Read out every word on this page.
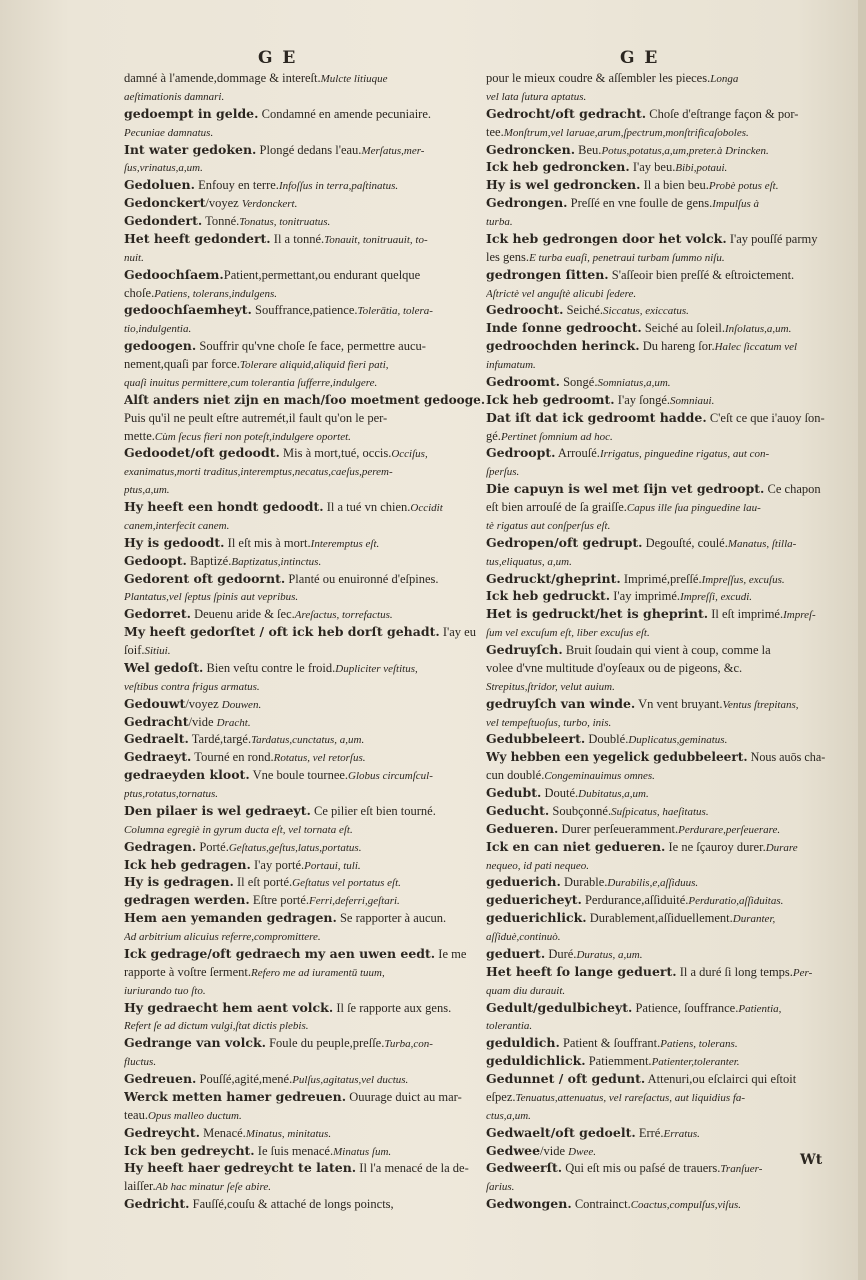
G E	G E

damné à l'amende,dommage & intereſt.Mulcte litiuque

aeſtimationis damnari.

gedoempt in gelde. Condamné en amende pecuniaire.

Pecuniae damnatus.

Int water gedoken. Plongé dedans l'eau.Merſatus,mer-

ſus,vrinatus,a,um.

Gedoluen. Enfouy en terre.Infoſſus in terra,paſtinatus.

Gedonckert/voyez Verdonckert.

Gedondert. Tonné.Tonatus, tonitruatus.

Het heeft gedondert. Il a tonné.Tonauit, tonitruauit, to-

nuit.

Gedoochſaem.Patient,permettant,ou endurant quelque

choſe.Patiens, tolerans,indulgens.

gedoochſaemheyt. Souffrance,patience.Tolerātia, tolera-

tio,indulgentia.

gedoogen. Souffrir qu'vne choſe ſe face, permettre aucu-

nement,quaſi par force.Tolerare aliquid,aliquid fieri pati,

quaſi inuitus permittere,cum tolerantia ſufferre,indulgere.

Alſt anders niet zijn en mach/ſoo moetment gedooge.

Puis qu'il ne peult eſtre autremét,il fault qu'on le per-

mette.Cùm ſecus fieri non poteſt,indulgere oportet.

Gedoodet/oft gedoodt. Mis à mort,tué, occis.Occiſus,

exanimatus,morti traditus,interemptus,necatus,caeſus,perem-

ptus,a,um.

Hy heeft een hondt gedoodt. Il a tué vn chien.Occidit

canem,interfecit canem.

Hy is gedoodt. Il eſt mis à mort.Interemptus eſt.

Gedoopt. Baptizé.Baptizatus,intinctus.

Gedorent oft gedoornt. Planté ou enuironné d'eſpines.

Plantatus,vel ſeptus ſpinis aut vepribus.

Gedorret. Deuenu aride & ſec.Areſactus, torrefactus.

My heeft gedorſtet / oft ick heb dorſt gehadt. I'ay eu

ſoif.Sitiui.

Wel gedoſt. Bien veſtu contre le froid.Dupliciter veſtitus,

veſtibus contra frigus armatus.

Gedouwt/voyez Douwen.

Gedracht/vide Dracht.

Gedraelt. Tardé,targé.Tardatus,cunctatus, a,um.

Gedraeyt. Tourné en rond.Rotatus, vel retorſus.

gedraeyden kloot. Vne boule tournee.Globus circumſcul-

ptus,rotatus,tornatus.

Den pilaer is wel gedraeyt. Ce pilier eſt bien tourné.

Columna egregiè in gyrum ducta eſt, vel tornata eſt.

Gedragen. Porté.Geſtatus,geſtus,latus,portatus.

Ick heb gedragen. I'ay porté.Portaui, tuli.

Hy is gedragen. Il eſt porté.Geſtatus vel portatus eſt.

gedragen werden. Eſtre porté.Ferri,deferri,geſtari.

Hem aen yemanden gedragen. Se rapporter à aucun.

Ad arbitrium alicuius referre,compromittere.

Ick gedrage/oft gedraech my aen uwen eedt. Ie me

rapporte à voſtre ſerment.Refero me ad iuramentū tuum,

iuriurando tuo ſto.

Hy gedraecht hem aent volck. Il ſe rapporte aux gens.

Refert ſe ad dictum vulgi,ſtat dictis plebis.

Gedrange van volck. Foule du peuple,preſſe.Turba,con-

fluctus.

Gedreuen. Pouſſé,agité,mené.Pulſus,agitatus,vel ductus.

Werck metten hamer gedreuen. Ouurage duict au mar-

teau.Opus malleo ductum.

Gedreycht. Menacé.Minatus, minitatus.

Ick ben gedreycht. Ie ſuis menacé.Minatus ſum.

Hy heeft haer gedreycht te laten. Il l'a menacé de la de-

laiſſer.Ab hac minatur ſeſe abire.

Gedricht. Fauſſé,couſu & attaché de longs poincts,

pour le mieux coudre & aſſembler les pieces.Longa

vel lata ſutura aptatus.

Gedrocht/oft gedracht. Choſe d'eſtrange façon & por-

tee.Monſtrum,vel laruae,arum,ſpectrum,monſtrificaſoboles.

Gedroncken. Beu.Potus,potatus,a,um,preter.à Drincken.

Ick heb gedroncken. I'ay beu.Bibi,potaui.

Hy is wel gedroncken. Il a bien beu.Probè potus eſt.

Gedrongen. Preſſé en vne foulle de gens.Impulſus à

turba.

Ick heb gedrongen door het volck. I'ay pouſſé parmy

les gens.E turba euaſi, penetraui turbam ſummo niſu.

gedrongen ſitten. S'aſſeoir bien preſſé & eſtroictement.

Aſtrictè vel anguſtè alicubi ſedere.

Gedroocht. Seiché.Siccatus, exiccatus.

Inde ſonne gedroocht. Seiché au ſoleil.Inſolatus,a,um.

gedroochden herinck. Du hareng ſor.Halec ſiccatum vel

infumatum.

Gedroomt. Songé.Somniatus,a,um.

Ick heb gedroomt. I'ay ſongé.Somniaui.

Dat iſt dat ick gedroomt hadde. C'eſt ce que i'auoy ſon-

gé.Pertinet ſomnium ad hoc.

Gedroopt. Arrouſé.Irrigatus, pinguedine rigatus, aut con-

ſperſus.

Die capuyn is wel met ſijn vet gedroopt. Ce chapon

eſt bien arrouſé de ſa graiſſe.Capus ille ſua pinguedine lau-

tè rigatus aut conſperſus eſt.

Gedropen/oft gedrupt. Degouſté, coulé.Manatus, ſtilla-

tus,eliquatus, a,um.

Gedruckt/gheprint. Imprimé,preſſé.Impreſſus, excuſus.

Ick heb gedruckt. I'ay imprimé.Impreſſi, excudi.

Het is gedruckt/het is gheprint. Il eſt imprimé.Impreſ-

ſum vel excuſum eſt, liber excuſus eſt.

Gedruyſch. Bruit ſoudain qui vient à coup, comme la

volee d'vne multitude d'oyſeaux ou de pigeons, &c.

Strepitus,ſtridor, velut auium.

gedruyſch van winde. Vn vent bruyant.Ventus ſtrepitans,

vel tempeſtuoſus, turbo, inis.

Gedubbeleert. Doublé.Duplicatus,geminatus.

Wy hebben een yegelick gedubbeleert. Nous auōs cha-

cun doublé.Congeminauimus omnes.

Gedubt. Douté.Dubitatus,a,um.

Geducht. Soubçonné.Suſpicatus, haeſitatus.

Gedueren. Durer perſeueramment.Perdurare,perſeuerare.

Ick en can niet gedueren. Ie ne ſçauroy durer.Durare

nequeo, id pati nequeo.

geduerich. Durable.Durabilis,e,aſſiduus.

geduericheyt. Perdurance,aſſiduité.Perduratio,aſſiduitas.

geduerichlick. Durablement,aſſiduellement.Duranter,

aſſiduè,continuò.

geduert. Duré.Duratus, a,um.

Het heeft ſo lange geduert. Il a duré ſi long temps.Per-

quam diu durauit.

Gedult/gedulbicheyt. Patience, ſouffrance.Patientia,

tolerantia.

geduldich. Patient & ſouffrant.Patiens, tolerans.

geduldichlick. Patiemment.Patienter,toleranter.

Gedunnet / oft gedunt. Attenuri,ou eſclairci qui eſtoit

eſpez.Tenuatus,attenuatus, vel rareſactus, aut liquidius fa-

ctus,a,um.

Gedwaelt/oft gedoelt. Erré.Erratus.

Gedwee/vide Dwee.

Gedweerſt. Qui eſt mis ou paſsé de trauers.Tranſuer-

ſarius.

Gedwongen. Contrainct.Coactus,compulſus,viſus.

Wt
